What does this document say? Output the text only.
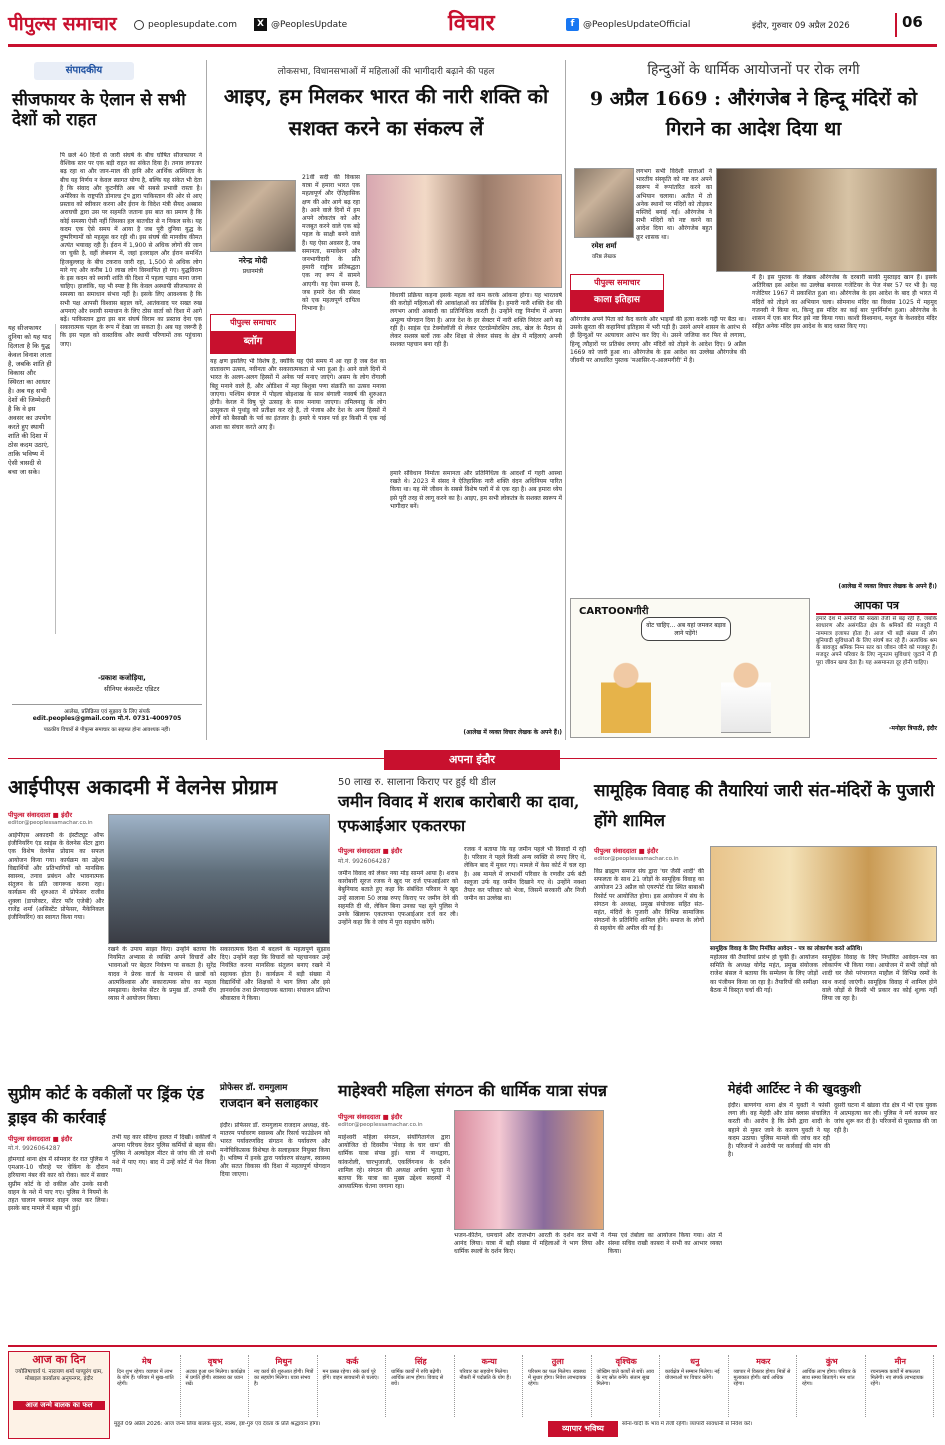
पीपुल्स समाचार	peoplesupdate.com	X @PeoplesUpdate	विचार	f @PeoplesUpdateOfficial	इंदौर, गुरुवार 09 अप्रैल 2026	06
संपादकीय
सीजफायर के ऐलान से सभी देशों को राहत
पि छले 40 दिनों से जारी संघर्ष के बीच घोषित सीजफायर ने वैश्विक स्तर पर एक बड़ी राहत का संकेत दिया है। तनाव लगातार बढ़ रहा था और जान-माल की हानि और आर्थिक अस्थिरता के बीच यह निर्णय न केवल स्वागत योग्य है, बल्कि यह संकेत भी देता है कि संवाद और कूटनीति अब भी सबसे प्रभावी रास्ता है। अमेरिका के राष्ट्रपति डोनाल्ड ट्रंप द्वारा पाकिस्तान की ओर से आए प्रस्ताव को स्वीकार करना और ईरान के विदेश मंत्री सैयद अब्बास अराघची द्वारा उस पर सहमति जताना इस बात का प्रमाण है कि कोई समस्या ऐसी नहीं जिसका हल बातचीत से न निकल सके। यह कदम एक ऐसे समय में आया है जब पूरी दुनिया युद्ध के दुष्परिणामों को महसूस कर रही थी। इस संघर्ष की मानवीय कीमत अत्यंत भयावह रही है। ईरान में 1,900 से अधिक लोगों की जान जा चुकी है, वहीं लेबनान में, जहां इजराइल और ईरान समर्थित हिजबुल्लाह के बीच टकराव जारी रहा, 1,500 से अधिक लोग मारे गए और करीब 10 लाख लोग विस्थापित हो गए। युद्धविराम के इस कदम को स्थायी शांति की दिशा में पहला पड़ाव माना जाना चाहिए। हालांकि, यह भी स्पष्ट है कि केवल अस्थायी सीजफायर से समस्या का समाधान संभव नहीं है। इसके लिए आवश्यक है कि सभी पक्ष आपसी विश्वास बहाल करें, आतंकवाद पर सख्त रुख अपनाएं और स्थायी समाधान के लिए ठोस वार्ता को दिशा में आगे बढ़ें। पाकिस्तान द्वारा इस बार संघर्ष विराम का प्रस्ताव देना एक सकारात्मक पहल के रूप में देखा जा सकता है। अब यह जरूरी है कि इस पहल को वास्तविक और स्थायी परिणामों तक पहुंचाया जाए।
यह सीजफायर दुनिया को यह याद दिलाता है कि युद्ध केवल विनाश लाता है, जबकि शांति ही विकास और स्थिरता का आधार है। अब यह सभी देशों की जिम्मेदारी है कि वे इस अवसर का उपयोग करते हुए स्थायी शांति की दिशा में ठोस कदम उठाएं, ताकि भविष्य में ऐसी त्रासदी से बचा जा सके।
-प्रकाश कजोड़िया,
सीनियर कंसल्टेंट एडिटर
आलेख, प्रतिक्रिया एवं सुझाव के लिए संपर्क
edit.peoples@gmail.com मो.नं. 0731-4009705
पाठकीय विचारों से पीपुल्स समाचार का सहमत होना आवश्यक नहीं।
लोकसभा, विधानसभाओं में महिलाओं की भागीदारी बढ़ाने की पहल
आइए, हम मिलकर भारत की नारी शक्ति को सशक्त करने का संकल्प लें
नरेन्द्र मोदी
प्रधानमंत्री
पीपुल्स समाचार
ब्लॉग
21वीं सदी की विकास यात्रा में हमारा भारत एक महत्वपूर्ण और ऐतिहासिक क्षण की ओर आगे बढ़ रहा है। आने वाले दिनों में हम अपने लोकतंत्र को और मजबूत करने वाले एक बड़े पहल के साक्षी बनने वाले हैं। यह ऐसा अवसर है, जब समानता, समावेशन और जनभागीदारी के प्रति हमारी राष्ट्रीय प्रतिबद्धता एक नए रूप में सामने आएगी। यह ऐसा समय है, जब हमारे देश की संसद को एक महत्वपूर्ण दायित्व निभाना है।
यह क्षण इसलिए भी विशेष है, क्योंकि यह ऐसे समय में आ रहा है जब देश का वातावरण उत्सव, नवीनता और सकारात्मकता से भरा हुआ है। आने वाले दिनों में भारत के अलग-अलग हिस्सों में अनेक पर्व मनाए जाएंगे। असम के लोग रोंगाली बिहू मनाने वाले हैं, और ओडिशा में महा बिशुबा पणा संक्रांति का उत्सव मनाया जाएगा। पश्चिम बंगाल में पोइला बोइशाख के साथ बंगाली नववर्ष की शुरुआत होगी। केरल में विषु पूरे उत्साह के साथ मनाया जाएगा। तमिलनाडु के लोग उत्सुकता से पुथांडु को प्रतीक्षा कर रहे हैं, तो पंजाब और देश के अन्य हिस्सों में लोगों को बैसाखी के पर्व का इंतजार है। हमारे ये पावन पर्व हर किसी में एक नई आशा का संचार करते आए हैं।
विधायी प्रक्रिया कहना इसके महत्व को कम करके आंकना होगा। यह भारतवर्ष की करोड़ों महिलाओं की आकांक्षाओं का प्रतिबिंब है। हमारी नारी शक्ति देश की लगभग आधी आबादी का प्रतिनिधित्व करती है। उन्होंने राष्ट्र निर्माण में अपना अमूल्य योगदान दिया है। आज देश के हर सेक्टर में नारी शक्ति निरंतर आगे बढ़ रही है। साइंस एंड टेक्नोलॉजी से लेकर एंटरप्रेन्योरशिप तक, खेल के मैदान से लेकर सशस्त्र बलों तक और शिक्षा से लेकर संसद के क्षेत्र में महिलाएं अपनी सशक्त पहचान बना रही हैं।
हमारे संविधान निर्माता समानता और प्रतिनिधित्व के आदर्शों में गहरी आस्था रखते थे। 2023 में संसद ने ऐतिहासिक नारी शक्ति वंदन अधिनियम पारित किया था। यह मेरे जीवन के सबसे विशेष पलों में से एक रहा है। अब हमारा ध्येय इसे पूरी तरह से लागू करने का है। आइए, हम सभी लोकतंत्र के सशक्त स्वरूप में भागीदार बनें।
(आलेख में व्यक्त विचार लेखक के अपने हैं।)
हिन्दुओं के धार्मिक आयोजनों पर रोक लगी
9 अप्रैल 1669 : औरंगजेब ने हिन्दू मंदिरों को गिराने का आदेश दिया था
लगभग सभी विदेशी सत्ताओं ने भारतीय संस्कृति को नष्ट कर अपने स्वरूप में रूपांतरित करने का अभियान चलाया। अतीत में तो अनेक स्थानों पर मंदिरों को तोड़कर मस्जिदें बनाई गईं। औरंगजेब ने सभी मंदिरों को नष्ट करने का आदेश दिया था। औरंगजेब बहुत क्रूर शासक था।
रमेश शर्मा
वरिष्ठ लेखक
पीपुल्स समाचार
काला इतिहास
औरंगजेब अपने पिता को कैद करके और भाइयों की हत्या करके गद्दी पर बैठा था। उसके क्रूरता की कहानियां इतिहास में भरी पड़ी हैं। उसने अपने शासन के आरंभ से ही हिन्दुओं पर अत्याचार आरंभ कर दिए थे। उसने जजिया कर फिर से लगाया, हिन्दू त्यौहारों पर प्रतिबंध लगाए और मंदिरों को तोड़ने के आदेश दिए। 9 अप्रैल 1669 को जारी हुआ था। औरंगजेब के इस आदेश का उल्लेख औरंगजेब की जीवनी पर आधारित पुस्तक 'मआसिर-ए-आलमगीरी' में है।
में है। इस पुस्तक के लेखक औरंगजेब के दरबारी साकी मुस्ताइद खान हैं। इसके अतिरिक्त इस आदेश का उल्लेख बनारस गजेटियर के पेज नंबर 57 पर भी है। यह गजेटियर 1967 में प्रकाशित हुआ था। औरंगजेब के इस आदेश के बाद ही भारत में मंदिरों को तोड़ने का अभियान चला। सोमनाथ मंदिर का विध्वंस 1025 में महमूद गजनवी ने किया था, किन्तु इस मंदिर का कई बार पुनर्निर्माण हुआ। औरंगजेब के शासन में एक बार फिर इसे नष्ट किया गया। काशी विश्वनाथ, मथुरा के केशवदेव मंदिर सहित अनेक मंदिर इस आदेश के बाद ध्वस्त किए गए।
(आलेख में व्यक्त विचार लेखक के अपने हैं।)
CARTOONगीरी
वोट चाहिए... अब यहां जमकर बड़ाव लाने पड़ेंगे!
आपका पत्र
हमारे देश में अमीरों की संख्या तेजी से बढ़ रही है, जबकि साधारण और असंगठित क्षेत्र के श्रमिकों की मजदूरी में नाममात्र इजाफा होता है। आज भी बड़ी संख्या में लोग बुनियादी सुविधाओं के लिए संघर्ष कर रहे हैं। अत्यधिक श्रम के बावजूद श्रमिक निम्न स्तर का जीवन जीने को मजबूर हैं। मजदूर अपने परिवार के लिए न्यूनतम सुविधाएं जुटाने में ही पूरा जीवन खपा देता है। यह असमानता दूर होनी चाहिए।
-मनोहर त्रिपाठी, इंदौर
अपना इंदौर
आईपीएस अकादमी में वेलनेस प्रोग्राम
पीपुल्स संवाददाता ■ इंदौर
editor@peoplessamachar.co.in
आईपीएस अकादमी के इंस्टीट्यूट ऑफ इंजीनियरिंग एंड साइंस के वेलनेस सेंटर द्वारा एक विशेष वेलनेस प्रोग्राम का सफल आयोजन किया गया। कार्यक्रम का उद्देश्य विद्यार्थियों और प्रतिभागियों को मानसिक स्वास्थ्य, तनाव प्रबंधन और भावनात्मक संतुलन के प्रति जागरूक करना रहा। कार्यक्रम की शुरुआत में प्रोफेसर राजीव शुक्ला (डायरेक्टर, सेंटर फॉर एजेबी) और राजेंद्र शर्मा (असिस्टेंट प्रोफेसर, मैकेनिकल इंजीनियरिंग) का स्वागत किया गया।
रखने के उपाय साझा किए। उन्होंने बताया कि नियमित अभ्यास से व्यक्ति अपने विचारों और भावनाओं पर बेहतर नियंत्रण पा सकता है। सुरेंद्र यादव ने प्रेरक वार्ता के माध्यम से छात्रों को आत्मविश्वास और सकारात्मक सोच का महत्व समझाया। वेलनेस सेंटर के प्रमुख डॉ. तपसी रॉय व्यास ने आयोजन किया।
सकारात्मक दिशा में बदलने के महत्वपूर्ण सुझाव दिए। उन्होंने कहा कि विचारों को पहचानकर उन्हें नियंत्रित करना मानसिक संतुलन बनाए रखने में सहायक होता है। कार्यक्रम में बड़ी संख्या में विद्यार्थियों और शिक्षकों ने भाग लिया और इसे ज्ञानवर्धक तथा प्रेरणादायक बताया। संचालन प्रतिभा श्रीवास्तव ने किया।
50 लाख रु. सालाना किराए पर हुई थी डील
जमीन विवाद में शराब कारोबारी का दावा, एफआईआर एकतरफा
पीपुल्स संवाददाता ■ इंदौर
मो.नं. 9926064287
जमीन विवाद को लेकर नया मोड़ सामने आया है। शराब कारोबारी सूरज रजक ने खुद पर दर्ज एफआईआर को बेबुनियाद बताते हुए कहा कि संबंधित परिवार ने खुद उन्हें सालाना 50 लाख रुपए किराए पर जमीन देने की सहमति दी थी, लेकिन बिना उनका पक्ष सुने पुलिस ने उनके खिलाफ एकतरफा एफआईआर दर्ज कर ली। उन्होंने कहा कि वे जांच में पूरा सहयोग करेंगे।
रजक ने बताया कि यह जमीन पहले भी विवादों में रही है। परिवार ने पहले किसी अन्य व्यक्ति से रुपए लिए थे, लेकिन बाद में मुकर गए। मामले में केस कोर्ट में चल रहा है। अब मामले में लाभार्थी परिवार के रणवीर उर्फ बंटी सलूजा उर्फ यह जमीन दिखाने गए थे। उन्होंने नक्शा तैयार कर परिवार को भेजा, जिसमें सरकारी और निजी जमीन का उल्लेख था।
सामूहिक विवाह की तैयारियां जारी संत-मंदिरों के पुजारी होंगे शामिल
पीपुल्स संवाददाता ■ इंदौर
editor@peoplessamachar.co.in
विप्र ब्राह्मण समाज संघ द्वारा 'घर जैसी शादी' की सफलता के साथ 21 जोड़ों के सामूहिक विवाह का आयोजन 23 अप्रैल को एयरपोर्ट रोड स्थित बाबाश्री रिसोर्ट पर आयोजित होगा। इस आयोजन में संघ के संगठन के अध्यक्ष, प्रमुख संयोजक सहित संत-महंत, मंदिरों के पुजारी और विभिन्न सामाजिक संगठनों के प्रतिनिधि शामिल होंगे। समाज के लोगों से सहयोग की अपील की गई है।
सामूहिक विवाह के लिए निमंत्रित आवेदन - पत्र का लोकार्पण करते अतिथि।
महोत्सव की तैयारियां प्रारंभ हो चुकी हैं। आयोजन समिति के अध्यक्ष योगेंद्र महंत, प्रमुख संयोजक राजेश बंसल ने बताया कि सम्मेलन के लिए जोड़ों का पंजीयन किया जा रहा है। तैयारियों की समीक्षा बैठक में विस्तृत चर्चा की गई।
सामूहिक विवाह के लिए निर्धारित आवेदन-पत्र का लोकार्पण भी किया गया। आयोजन में सभी जोड़ों को शादी घर जैसे परंपरागत माहौल में विभिन्न रस्मों के साथ कराई जाएंगी। सामूहिक विवाह में शामिल होने वाले जोड़ों से किसी भी प्रकार का कोई शुल्क नहीं लिया जा रहा है।
सुप्रीम कोर्ट के वकीलों पर ड्रिंक एंड ड्राइव की कार्रवाई
पीपुल्स संवाददाता ■ इंदौर
मो.नं. 9926064287
होमगार्ड थाना क्षेत्र में सोमवार देर रात पुलिस ने एमआर-10 चौराहे पर चेकिंग के दौरान हरियाणा नंबर की कार को रोका। कार में सवार सुप्रीम कोर्ट के दो वकील और उनके साथी वाहन के नशे में पाए गए। पुलिस ने नियमों के तहत चालान बनाकर वाहन जब्त कर लिया। इसके बाद मामले में बहस भी हुई।
तभी यह कार संदिग्ध हालत में दिखी। वकीलों ने अपना परिचय देकर पुलिस कर्मियों से बहस की। पुलिस ने अल्कोहल मीटर से जांच की तो सभी नशे में पाए गए। बाद में उन्हें कोर्ट में पेश किया गया।
प्रोफेसर डॉ. रामगुलाम
राजदान बने सलाहकार
इंदौर। प्रोफेसर डॉ. रामगुलाम राजदान अध्यक्ष, वंदे-मातरम पर्यावरण स्वास्थ्य और रिसर्च फाउंडेशन को भारत पर्यावरणविद संगठन के पर्यावरण और मनोचिकित्सक विशेषज्ञ के सलाहकार नियुक्त किया है। भविष्य में इनके द्वारा पर्यावरण संरक्षण, स्वास्थ्य और सतत विकास की दिशा में महत्वपूर्ण योगदान दिया जाएगा।
माहेश्वरी महिला संगठन की धार्मिक यात्रा संपन्न
पीपुल्स संवाददाता ■ इंदौर
editor@peoplessamachar.co.in
माहेश्वरी महिला संगठन, संयोगितागंज द्वारा आयोजित दो दिवसीय 'मेवाड़ के चार धाम' की धार्मिक यात्रा संपन्न हुई। यात्रा में नाथद्वारा, कांकरोली, चारभुजाजी, एकलिंगनाथ के दर्शन शामिल रहे। संगठन की अध्यक्ष अर्चना भूतड़ा ने बताया कि यात्रा का मुख्य उद्देश्य सदस्यों में आध्यात्मिक चेतना जगाना रहा।
भजन-कीर्तन, धमचाने और राजभोग आरती के दर्शन कर सभी ने आनंद लिया। यात्रा में बड़ी संख्या में महिलाओं ने भाग लिया और धार्मिक स्थलों के दर्शन किए।
गेम्स एवं तंबोला का आयोजन किया गया। अंत में संस्था सचिव राखी काबरा ने सभी का आभार व्यक्त किया।
मेहंदी आर्टिस्ट ने की खुदकुशी
इंदौर। बाणगंगा थाना क्षेत्र में युवती ने फांसी लगा ली। वह मेहंदी और डांस क्लास संचालित करती थी। आरोप है कि प्रेमी द्वारा शादी के बहाने से मुकर जाने के कारण युवती ने यह कदम उठाया। पुलिस मामले की जांच कर रही है। परिजनों ने आरोपी पर कार्रवाई की मांग की है।
दूसरी घटना में खंडवा रोड क्षेत्र में भी एक युवक ने आत्महत्या कर ली। पुलिस ने मर्ग कायम कर जांच शुरू कर दी है। परिजनों से पूछताछ की जा रही है।
आज का दिन
ज्योतिषाचार्य पं. नारायण शर्मा पाण्डुरंग धाम, मोबाइल कार्यालय अनूपनगर, इंदौर
आज जन्मे बालक का फल
मेष
दिन शुभ रहेगा। व्यापार में लाभ के योग हैं। परिवार में सुख-शांति रहेगी।
वृषभ
अटका हुआ धन मिलेगा। कार्यक्षेत्र में प्रगति होगी। स्वास्थ्य का ध्यान रखें।
मिथुन
नए कार्य की शुरुआत होगी। मित्रों का सहयोग मिलेगा। यात्रा संभव है।
कर्क
मन प्रसन्न रहेगा। रुके कार्य पूरे होंगे। वाहन सावधानी से चलाएं।
सिंह
धार्मिक कार्यों में रुचि बढ़ेगी। आर्थिक लाभ होगा। विवाद से बचें।
कन्या
परिवार का सहयोग मिलेगा। नौकरी में पदोन्नति के योग हैं।
तुला
परिश्रम का फल मिलेगा। स्वास्थ्य में सुधार होगा। निवेश लाभदायक रहेगा।
वृश्चिक
जोखिम वाले कार्यों से बचें। आय के नए स्रोत बनेंगे। संतान सुख मिलेगा।
धनु
कार्यक्षेत्र में सम्मान मिलेगा। नई योजनाओं पर विचार करेंगे।
मकर
व्यापार में विस्तार होगा। मित्रों से मुलाकात होगी। खर्च अधिक रहेगा।
कुंभ
आर्थिक लाभ होगा। परिवार के साथ समय बिताएंगे। मन शांत रहेगा।
मीन
रचनात्मक कार्यों में सफलता मिलेगी। नए संपर्क लाभदायक रहेंगे।
मुहूर्त 09 अप्रैल 2026: आज जन्म लिया बालक सुंदर, स्वस्थ, इष्ट-गुरु एवं देवता के प्रति श्रद्धावान होगा।	व्यापार भविष्य	सोना-चांदी के भाव में तेजी रहेगी। व्यापारी सावधानी से निवेश करें।
